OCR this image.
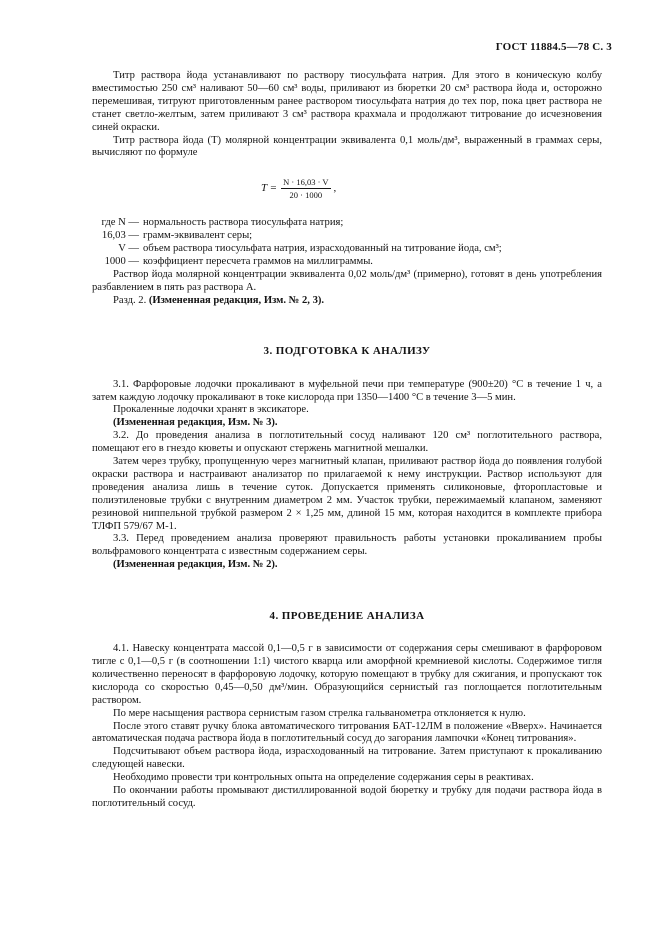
ГОСТ 11884.5—78 С. 3

Титр раствора йода устанавливают по раствору тиосульфата натрия. Для этого в коническую колбу вместимостью 250 см³ наливают 50—60 см³ воды, приливают из бюретки 20 см³ раствора йода и, осторожно перемешивая, титруют приготовленным ранее раствором тиосульфата натрия до тех пор, пока цвет раствора не станет светло-желтым, затем приливают 3 см³ раствора крахмала и продолжают титрование до исчезновения синей окраски.

Титр раствора йода (T) молярной концентрации эквивалента 0,1 моль/дм³, выраженный в граммах серы, вычисляют по формуле

$T = \frac{N \cdot 16,03 \cdot V}{20 \cdot 1000}$ ,
где N — нормальность раствора тиосульфата натрия;
16,03 — грамм-эквивалент серы;
V — объем раствора тиосульфата натрия, израсходованный на титрование йода, см³;
1000 — коэффициент пересчета граммов на миллиграммы.

Раствор йода молярной концентрации эквивалента 0,02 моль/дм³ (примерно), готовят в день употребления разбавлением в пять раз раствора А.

Разд. 2. (Измененная редакция, Изм. № 2, 3).

3. ПОДГОТОВКА К АНАЛИЗУ

3.1. Фарфоровые лодочки прокаливают в муфельной печи при температуре (900±20) °С в течение 1 ч, а затем каждую лодочку прокаливают в токе кислорода при 1350—1400 °С в течение 3—5 мин.

Прокаленные лодочки хранят в эксикаторе.

(Измененная редакция, Изм. № 3).

3.2. До проведения анализа в поглотительный сосуд наливают 120 см³ поглотительного раствора, помещают его в гнездо кюветы и опускают стержень магнитной мешалки.

Затем через трубку, пропущенную через магнитный клапан, приливают раствор йода до появления голубой окраски раствора и настраивают анализатор по прилагаемой к нему инструкции. Раствор используют для проведения анализа лишь в течение суток. Допускается применять силиконовые, фторопластовые и полиэтиленовые трубки с внутренним диаметром 2 мм. Участок трубки, пережимаемый клапаном, заменяют резиновой ниппельной трубкой размером 2 × 1,25 мм, длиной 15 мм, которая находится в комплекте прибора ТЛФП 579/67 М-1.

3.3. Перед проведением анализа проверяют правильность работы установки прокаливанием пробы вольфрамового концентрата с известным содержанием серы.

(Измененная редакция, Изм. № 2).

4. ПРОВЕДЕНИЕ АНАЛИЗА

4.1. Навеску концентрата массой 0,1—0,5 г в зависимости от содержания серы смешивают в фарфоровом тигле с 0,1—0,5 г (в соотношении 1:1) чистого кварца или аморфной кремниевой кислоты. Содержимое тигля количественно переносят в фарфоровую лодочку, которую помещают в трубку для сжигания, и пропускают ток кислорода со скоростью 0,45—0,50 дм³/мин. Образующийся сернистый газ поглощается поглотительным раствором.

По мере насыщения раствора сернистым газом стрелка гальванометра отклоняется к нулю.

После этого ставят ручку блока автоматического титрования БАТ-12ЛМ в положение «Вверх». Начинается автоматическая подача раствора йода в поглотительный сосуд до загорания лампочки «Конец титрования».

Подсчитывают объем раствора йода, израсходованный на титрование. Затем приступают к прокаливанию следующей навески.

Необходимо провести три контрольных опыта на определение содержания серы в реактивах.

По окончании работы промывают дистиллированной водой бюретку и трубку для подачи раствора йода в поглотительный сосуд.
